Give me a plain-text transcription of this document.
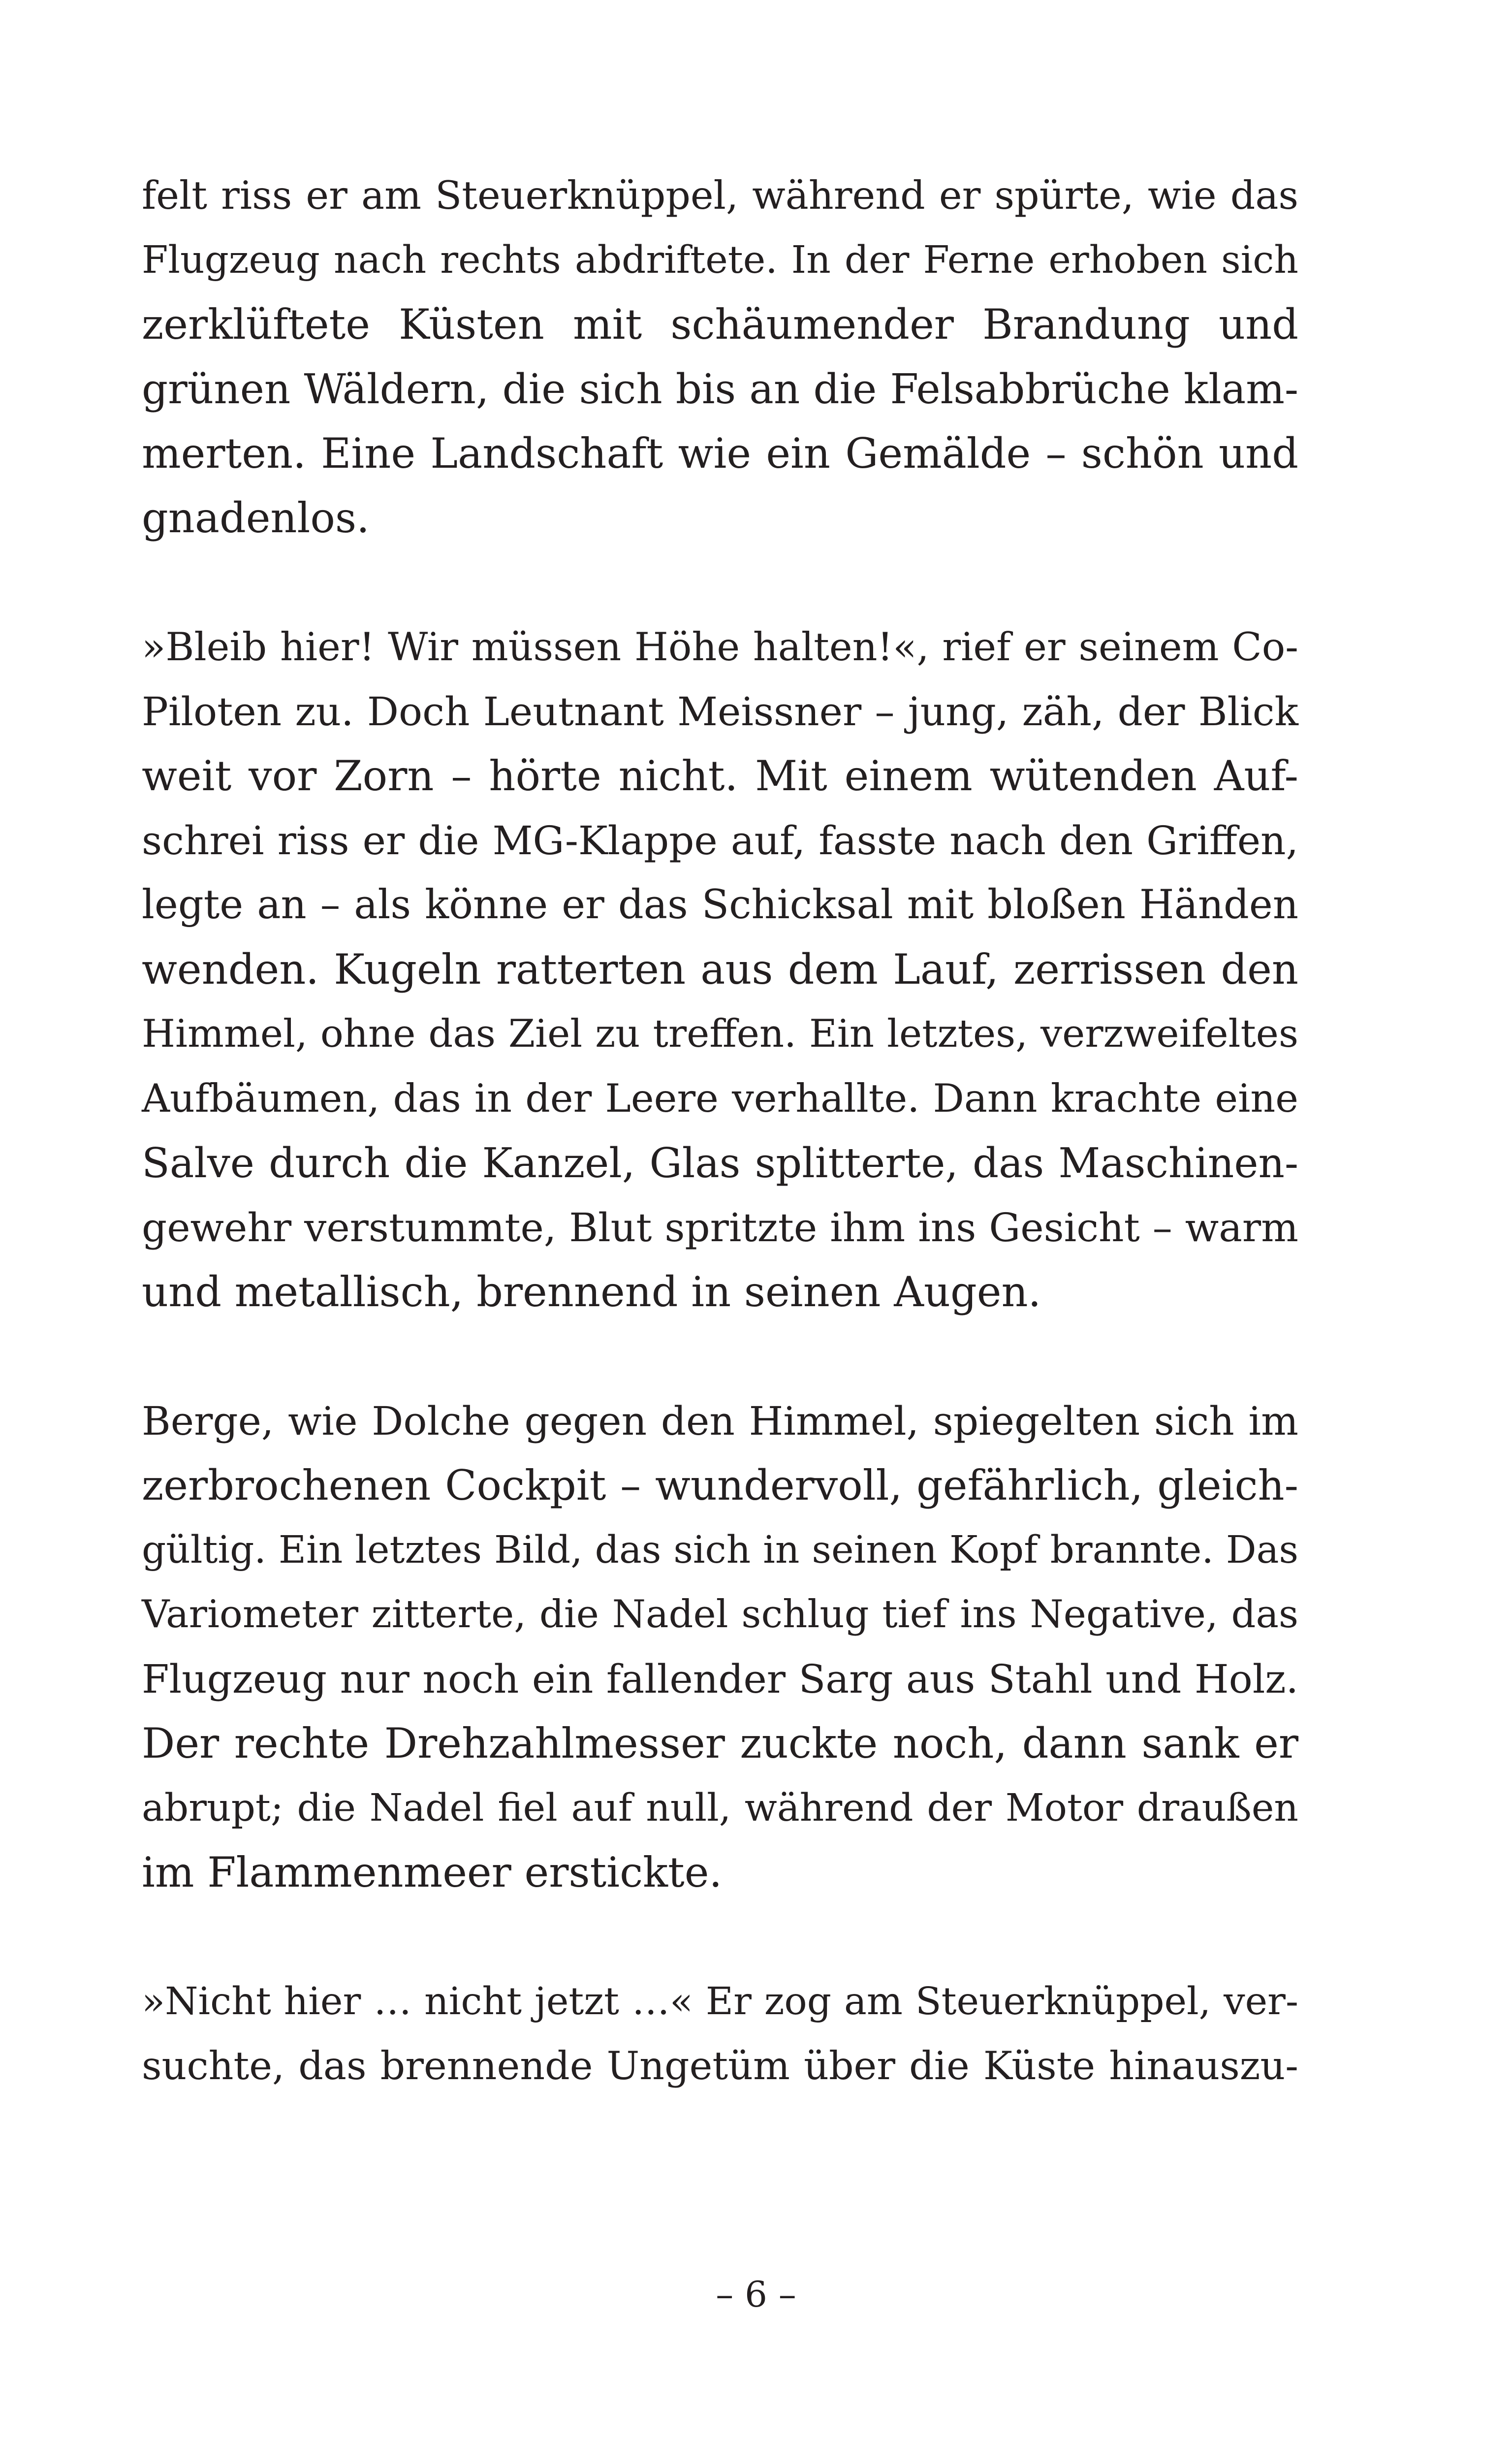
felt riss er am Steuerknüppel, während er spürte, wie das
Flugzeug nach rechts abdriftete. In der Ferne erhoben sich
zerklüftete Küsten mit schäumender Brandung und
grünen Wäldern, die sich bis an die Felsabbrüche klam-
merten. Eine Landschaft wie ein Gemälde – schön und
gnadenlos.
»Bleib hier! Wir müssen Höhe halten!«, rief er seinem Co-
Piloten zu. Doch Leutnant Meissner – jung, zäh, der Blick
weit vor Zorn – hörte nicht. Mit einem wütenden Auf-
schrei riss er die MG-Klappe auf, fasste nach den Griffen,
legte an – als könne er das Schicksal mit bloßen Händen
wenden. Kugeln ratterten aus dem Lauf, zerrissen den
Himmel, ohne das Ziel zu treffen. Ein letztes, verzweifeltes
Aufbäumen, das in der Leere verhallte. Dann krachte eine
Salve durch die Kanzel, Glas splitterte, das Maschinen-
gewehr verstummte, Blut spritzte ihm ins Gesicht – warm
und metallisch, brennend in seinen Augen.
Berge, wie Dolche gegen den Himmel, spiegelten sich im
zerbrochenen Cockpit – wundervoll, gefährlich, gleich-
gültig. Ein letztes Bild, das sich in seinen Kopf brannte. Das
Variometer zitterte, die Nadel schlug tief ins Negative, das
Flugzeug nur noch ein fallender Sarg aus Stahl und Holz.
Der rechte Drehzahlmesser zuckte noch, dann sank er
abrupt; die Nadel fiel auf null, während der Motor draußen
im Flammenmeer erstickte.
»Nicht hier … nicht jetzt …« Er zog am Steuerknüppel, ver-
suchte, das brennende Ungetüm über die Küste hinauszu-
– 6 –
